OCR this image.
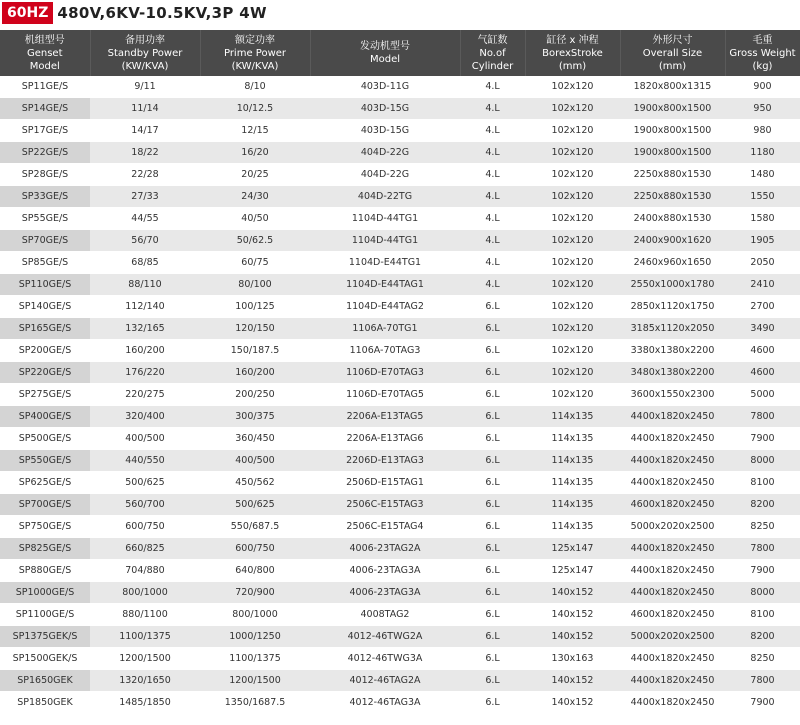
60HZ 480V,6KV-10.5KV,3P 4W
机组型号
Genset
Model	备用功率
Standby Power
(KW/KVA)	额定功率
Prime Power
(KW/KVA)	发动机型号
Model	气缸数
No.of
Cylinder	缸径 x 冲程
BorexStroke
(mm)	外形尺寸
Overall Size
(mm)	毛重
Gross Weight
(kg)

SP11GE/S	9/11	8/10	403D-11G	4.L	102x120	1820x800x1315	900
SP14GE/S	11/14	10/12.5	403D-15G	4.L	102x120	1900x800x1500	950
SP17GE/S	14/17	12/15	403D-15G	4.L	102x120	1900x800x1500	980
SP22GE/S	18/22	16/20	404D-22G	4.L	102x120	1900x800x1500	1180
SP28GE/S	22/28	20/25	404D-22G	4.L	102x120	2250x880x1530	1480
SP33GE/S	27/33	24/30	404D-22TG	4.L	102x120	2250x880x1530	1550
SP55GE/S	44/55	40/50	1104D-44TG1	4.L	102x120	2400x880x1530	1580
SP70GE/S	56/70	50/62.5	1104D-44TG1	4.L	102x120	2400x900x1620	1905
SP85GE/S	68/85	60/75	1104D-E44TG1	4.L	102x120	2460x960x1650	2050
SP110GE/S	88/110	80/100	1104D-E44TAG1	4.L	102x120	2550x1000x1780	2410
SP140GE/S	112/140	100/125	1104D-E44TAG2	6.L	102x120	2850x1120x1750	2700
SP165GE/S	132/165	120/150	1106A-70TG1	6.L	102x120	3185x1120x2050	3490
SP200GE/S	160/200	150/187.5	1106A-70TAG3	6.L	102x120	3380x1380x2200	4600
SP220GE/S	176/220	160/200	1106D-E70TAG3	6.L	102x120	3480x1380x2200	4600
SP275GE/S	220/275	200/250	1106D-E70TAG5	6.L	102x120	3600x1550x2300	5000
SP400GE/S	320/400	300/375	2206A-E13TAG5	6.L	114x135	4400x1820x2450	7800
SP500GE/S	400/500	360/450	2206A-E13TAG6	6.L	114x135	4400x1820x2450	7900
SP550GE/S	440/550	400/500	2206D-E13TAG3	6.L	114x135	4400x1820x2450	8000
SP625GE/S	500/625	450/562	2506D-E15TAG1	6.L	114x135	4400x1820x2450	8100
SP700GE/S	560/700	500/625	2506C-E15TAG3	6.L	114x135	4600x1820x2450	8200
SP750GE/S	600/750	550/687.5	2506C-E15TAG4	6.L	114x135	5000x2020x2500	8250
SP825GE/S	660/825	600/750	4006-23TAG2A	6.L	125x147	4400x1820x2450	7800
SP880GE/S	704/880	640/800	4006-23TAG3A	6.L	125x147	4400x1820x2450	7900
SP1000GE/S	800/1000	720/900	4006-23TAG3A	6.L	140x152	4400x1820x2450	8000
SP1100GE/S	880/1100	800/1000	4008TAG2	6.L	140x152	4600x1820x2450	8100
SP1375GEK/S	1100/1375	1000/1250	4012-46TWG2A	6.L	140x152	5000x2020x2500	8200
SP1500GEK/S	1200/1500	1100/1375	4012-46TWG3A	6.L	130x163	4400x1820x2450	8250
SP1650GEK	1320/1650	1200/1500	4012-46TAG2A	6.L	140x152	4400x1820x2450	7800
SP1850GEK	1485/1850	1350/1687.5	4012-46TAG3A	6.L	140x152	4400x1820x2450	7900
